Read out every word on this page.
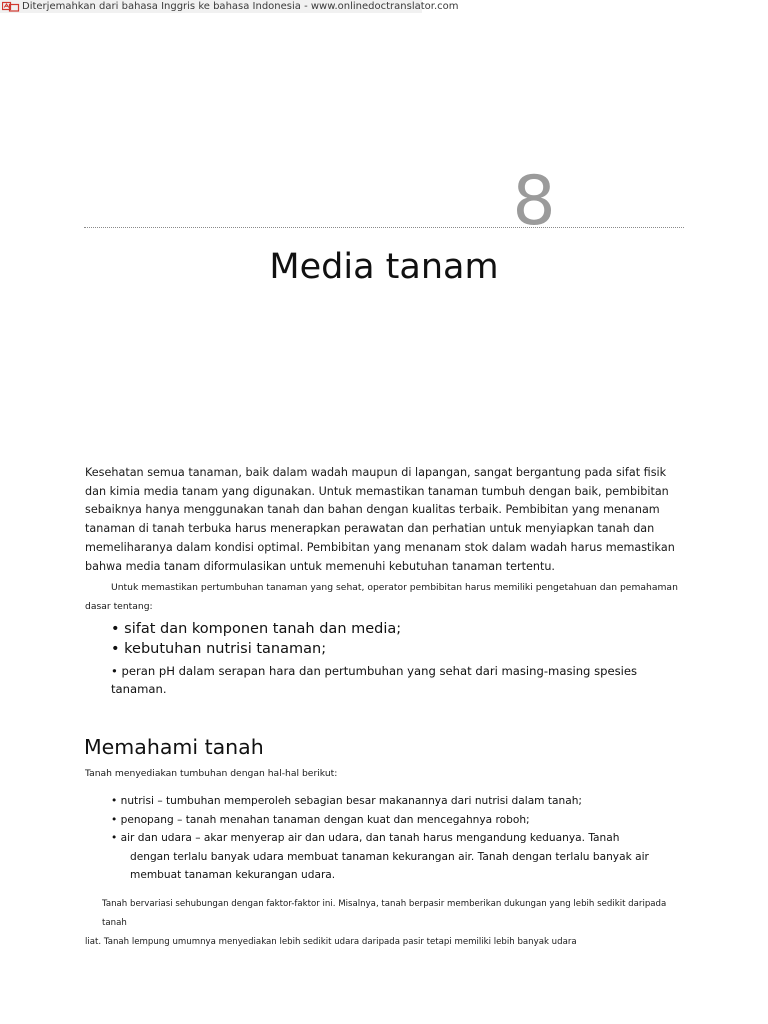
Diterjemahkan dari bahasa Inggris ke bahasa Indonesia - www.onlinedoctranslator.com
8
Media tanam
Kesehatan semua tanaman, baik dalam wadah maupun di lapangan, sangat bergantung pada sifat fisik dan kimia media tanam yang digunakan. Untuk memastikan tanaman tumbuh dengan baik, pembibitan sebaiknya hanya menggunakan tanah dan bahan dengan kualitas terbaik. Pembibitan yang menanam tanaman di tanah terbuka harus menerapkan perawatan dan perhatian untuk menyiapkan tanah dan memeliharanya dalam kondisi optimal. Pembibitan yang menanam stok dalam wadah harus memastikan bahwa media tanam diformulasikan untuk memenuhi kebutuhan tanaman tertentu.
Untuk memastikan pertumbuhan tanaman yang sehat, operator pembibitan harus memiliki pengetahuan dan pemahaman
dasar tentang:
• sifat dan komponen tanah dan media;
• kebutuhan nutrisi tanaman;
• peran pH dalam serapan hara dan pertumbuhan yang sehat dari masing-masing spesies tanaman.
Memahami tanah
Tanah menyediakan tumbuhan dengan hal-hal berikut:
• nutrisi – tumbuhan memperoleh sebagian besar makanannya dari nutrisi dalam tanah;
• penopang – tanah menahan tanaman dengan kuat dan mencegahnya roboh;
• air dan udara – akar menyerap air dan udara, dan tanah harus mengandung keduanya. Tanah
dengan terlalu banyak udara membuat tanaman kekurangan air. Tanah dengan terlalu banyak air
membuat tanaman kekurangan udara.
Tanah bervariasi sehubungan dengan faktor-faktor ini. Misalnya, tanah berpasir memberikan dukungan yang lebih sedikit daripada tanah
liat. Tanah lempung umumnya menyediakan lebih sedikit udara daripada pasir tetapi memiliki lebih banyak udara
